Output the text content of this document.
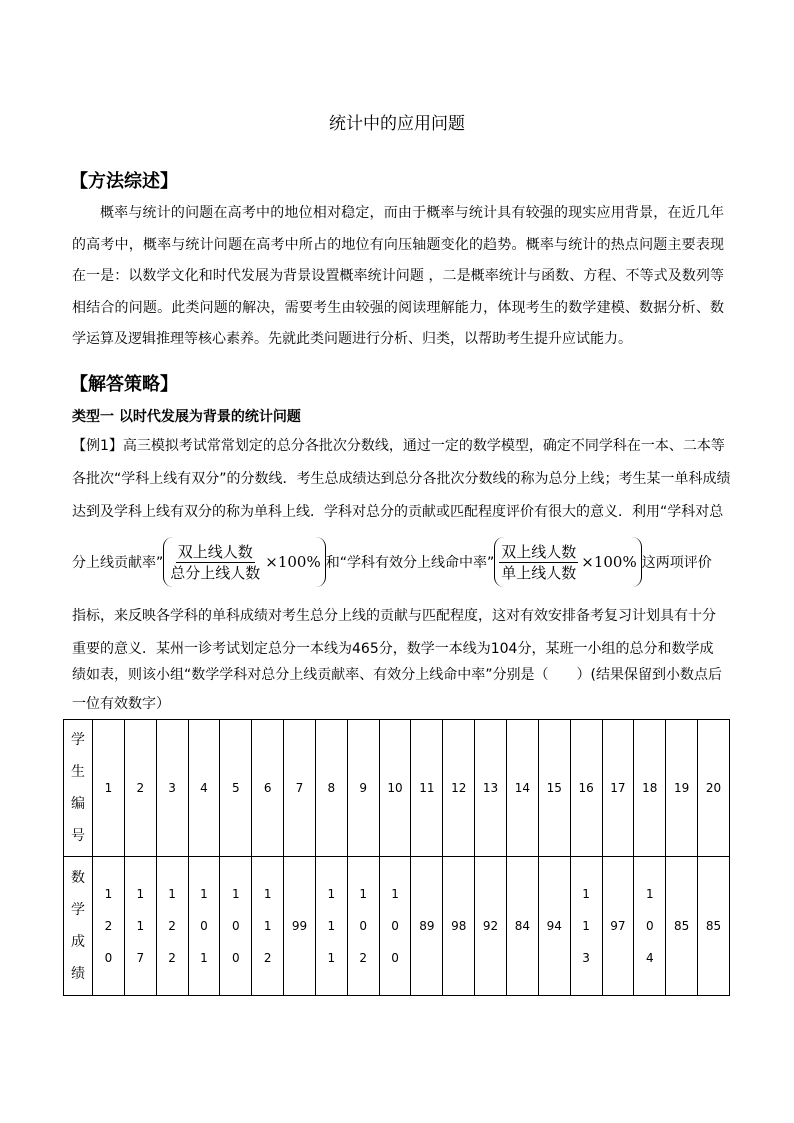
统计中的应用问题
【方法综述】

概率与统计的问题在高考中的地位相对稳定，而由于概率与统计具有较强的现实应用背景，在近几年的高考中，概率与统计问题在高考中所占的地位有向压轴题变化的趋势。概率与统计的热点问题主要表现在一是：以数学文化和时代发展为背景设置概率统计问题 ，二是概率统计与函数、方程、不等式及数列等相结合的问题。此类问题的解决，需要考生由较强的阅读理解能力，体现考生的数学建模、数据分析、数学运算及逻辑推理等核心素养。先就此类问题进行分析、归类，以帮助考生提升应试能力。

【解答策略】
类型一 以时代发展为背景的统计问题
【例1】高三模拟考试常常划定的总分各批次分数线，通过一定的数学模型，确定不同学科在一本、二本等
各批次“学科上线有双分”的分数线．考生总成绩达到总分各批次分数线的称为总分上线；考生某一单科成绩
达到及学科上线有双分的称为单科上线．学科对总分的贡献或匹配程度评价有很大的意义．利用“学科对总
分上线贡献率” $\frac{\text{双上线人数}}{\text{总分上线人数}} \times 100\%$ 和“学科有效分上线命中率” $\frac{\text{双上线人数}}{\text{单上线人数}} \times 100\%$ 这两项评价
指标，来反映各学科的单科成绩对考生总分上线的贡献与匹配程度，这对有效安排备考复习计划具有十分
重要的意义．某州一诊考试划定总分一本线为465分，数学一本线为104分，某班一小组的总分和数学成
绩如表，则该小组“数学学科对总分上线贡献率、有效分上线命中率”分别是（　　）(结果保留到小数点后
一位有效数字）
学
生
编
号	1	2	3	4	5	6	7	8	9	10	11	12	13	14	15	16	17	18	19	20

数
学
成
绩	120	117	122	101	100	112	99	111	102	100	89	98	92	84	94	113	97	104	85	85
